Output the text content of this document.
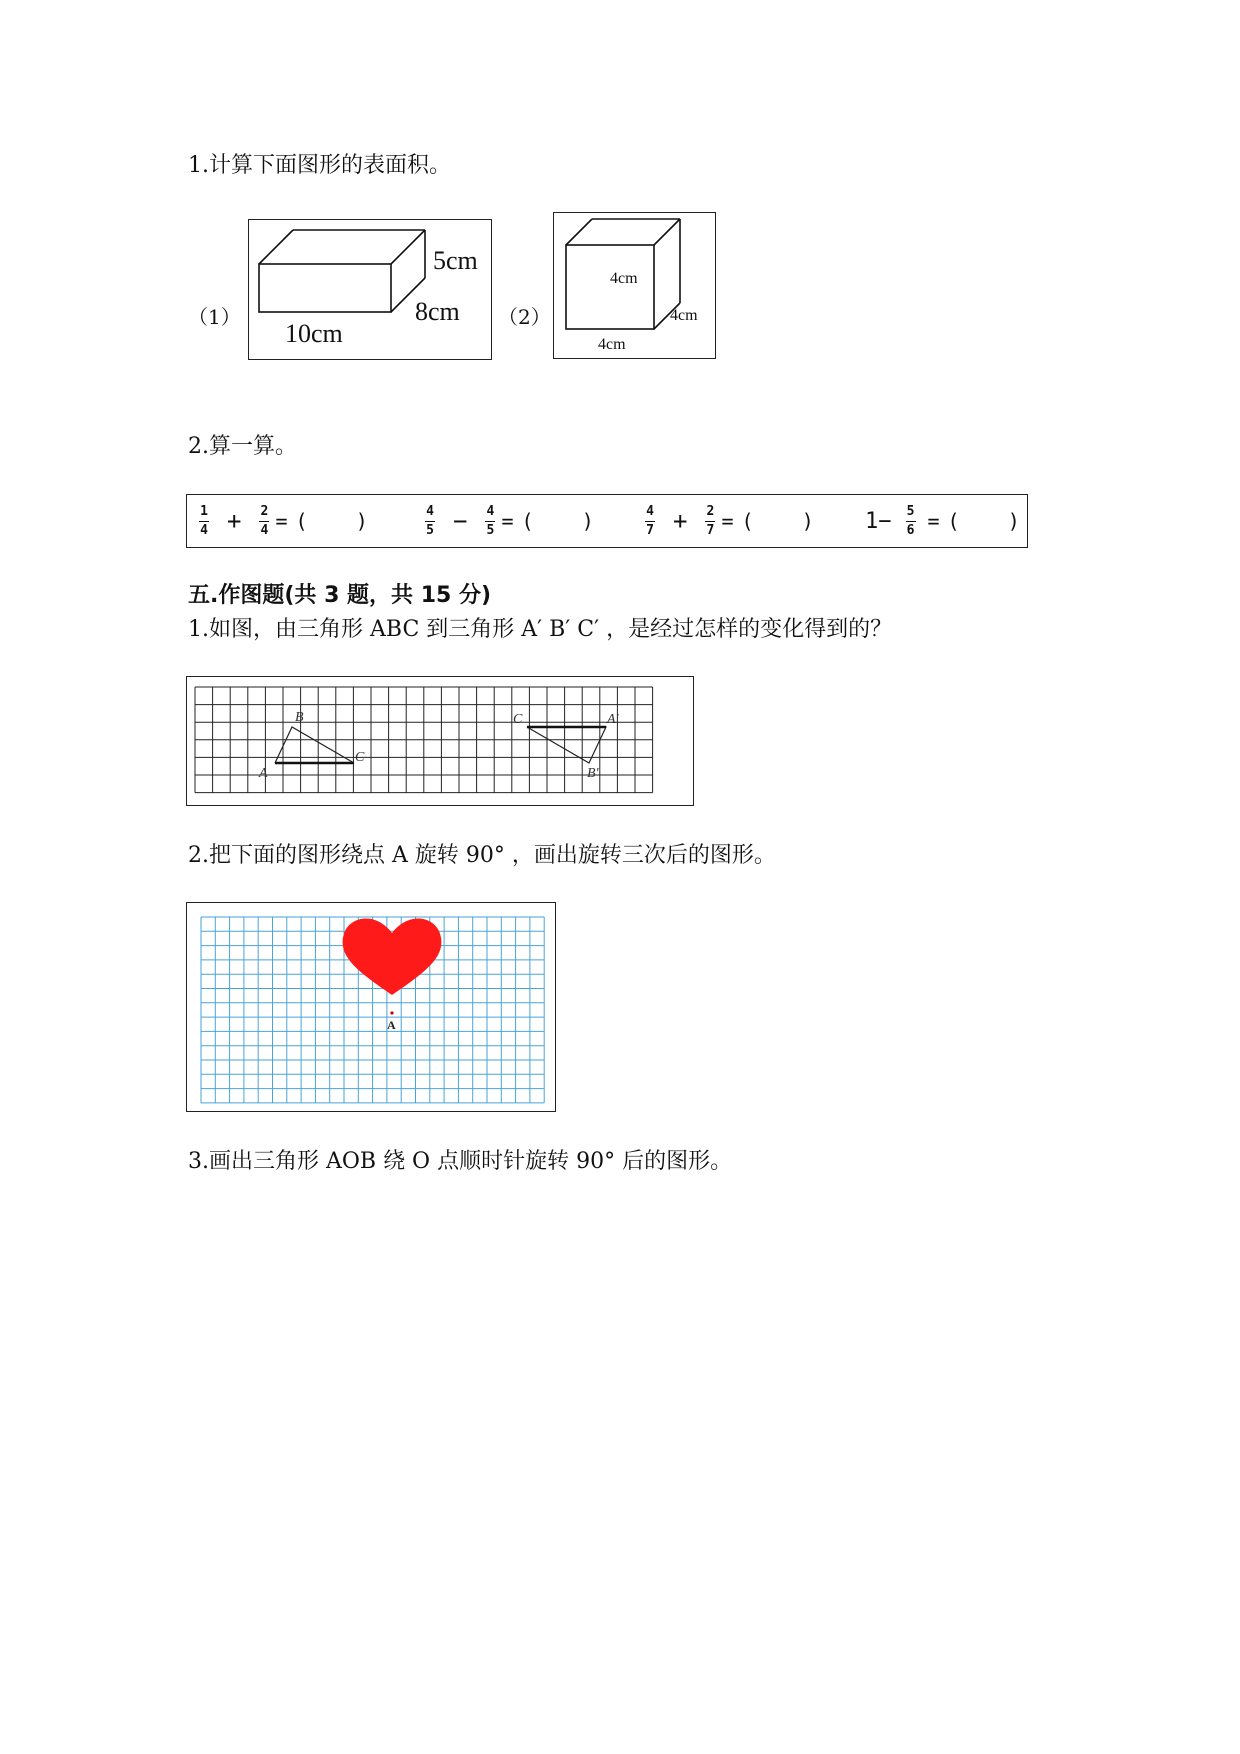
1.计算下面图形的表面积。
（1）
5cm
8cm
10cm
（2）
4cm
4cm
4cm
2.算一算。
$\frac{1}{4} + \frac{2}{4}$ = (    )	$\frac{4}{5} - \frac{4}{5}$ = (    )	$\frac{4}{7} + \frac{2}{7}$ = (    ) $1- \frac{5}{6}$ = (    )
五.作图题(共 3 题，共 15 分)
1.如图，由三角形 ABC 到三角形 A′ B′ C′ ，是经过怎样的变化得到的？
A
B
C
A'
B'
C
2.把下面的图形绕点 A 旋转 90° ，画出旋转三次后的图形。
A
3.画出三角形 AOB 绕 O 点顺时针旋转 90° 后的图形。
